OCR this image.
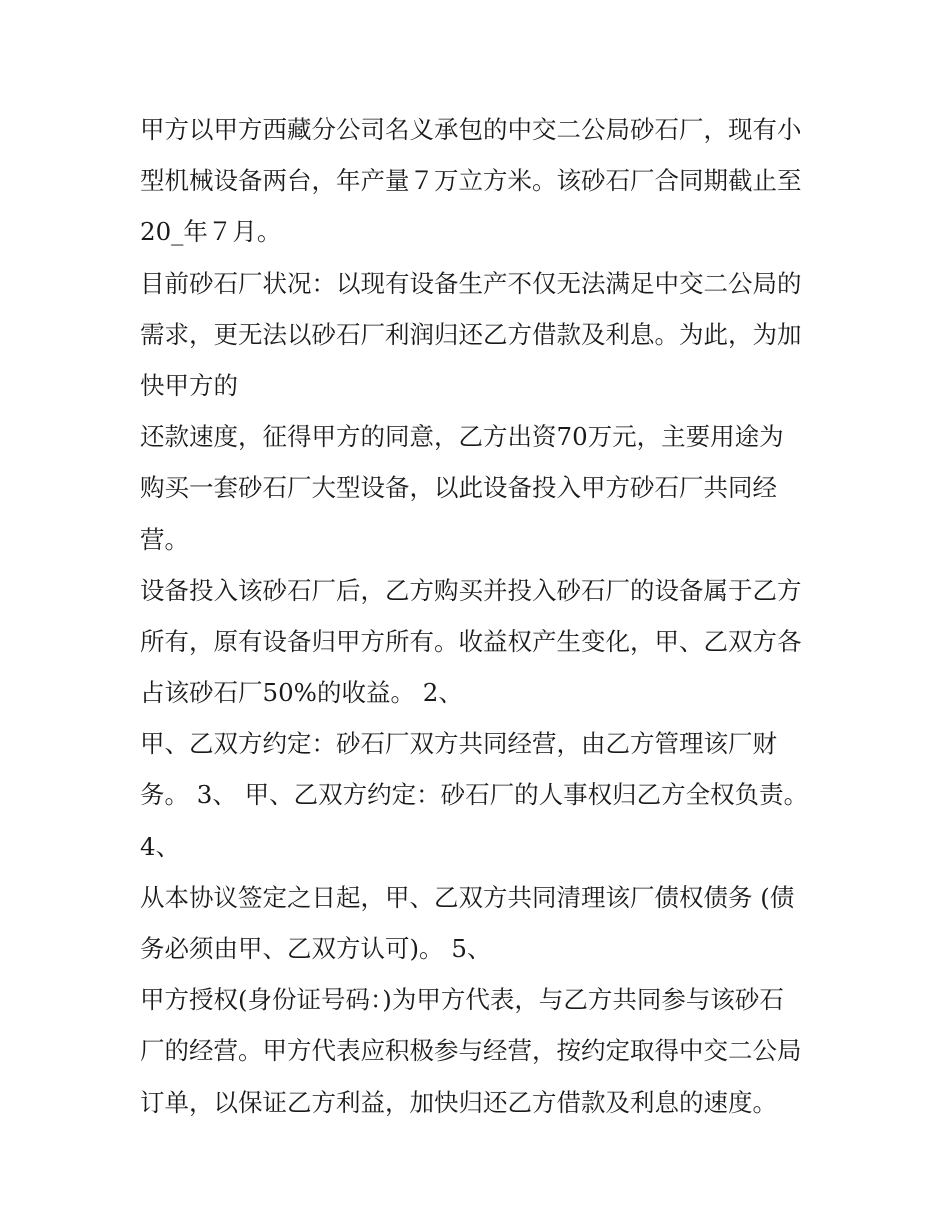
甲方以甲方西藏分公司名义承包的中交二公局砂石厂，现有小
型机械设备两台，年产量７万立方米。该砂石厂合同期截止至
20_年７月。
目前砂石厂状况：以现有设备生产不仅无法满足中交二公局的
需求，更无法以砂石厂利润归还乙方借款及利息。为此，为加
快甲方的
还款速度，征得甲方的同意，乙方出资70万元，主要用途为
购买一套砂石厂大型设备，以此设备投入甲方砂石厂共同经
营。
设备投入该砂石厂后，乙方购买并投入砂石厂的设备属于乙方
所有，原有设备归甲方所有。收益权产生变化，甲、乙双方各
占该砂石厂50%的收益。 2、
甲、乙双方约定：砂石厂双方共同经营，由乙方管理该厂财
务。 3、 甲、乙双方约定：砂石厂的人事权归乙方全权负责。
4、
从本协议签定之日起，甲、乙双方共同清理该厂债权债务 (债
务必须由甲、乙双方认可)。 5、
甲方授权(身份证号码：)为甲方代表，与乙方共同参与该砂石
厂的经营。甲方代表应积极参与经营，按约定取得中交二公局
订单，以保证乙方利益，加快归还乙方借款及利息的速度。
